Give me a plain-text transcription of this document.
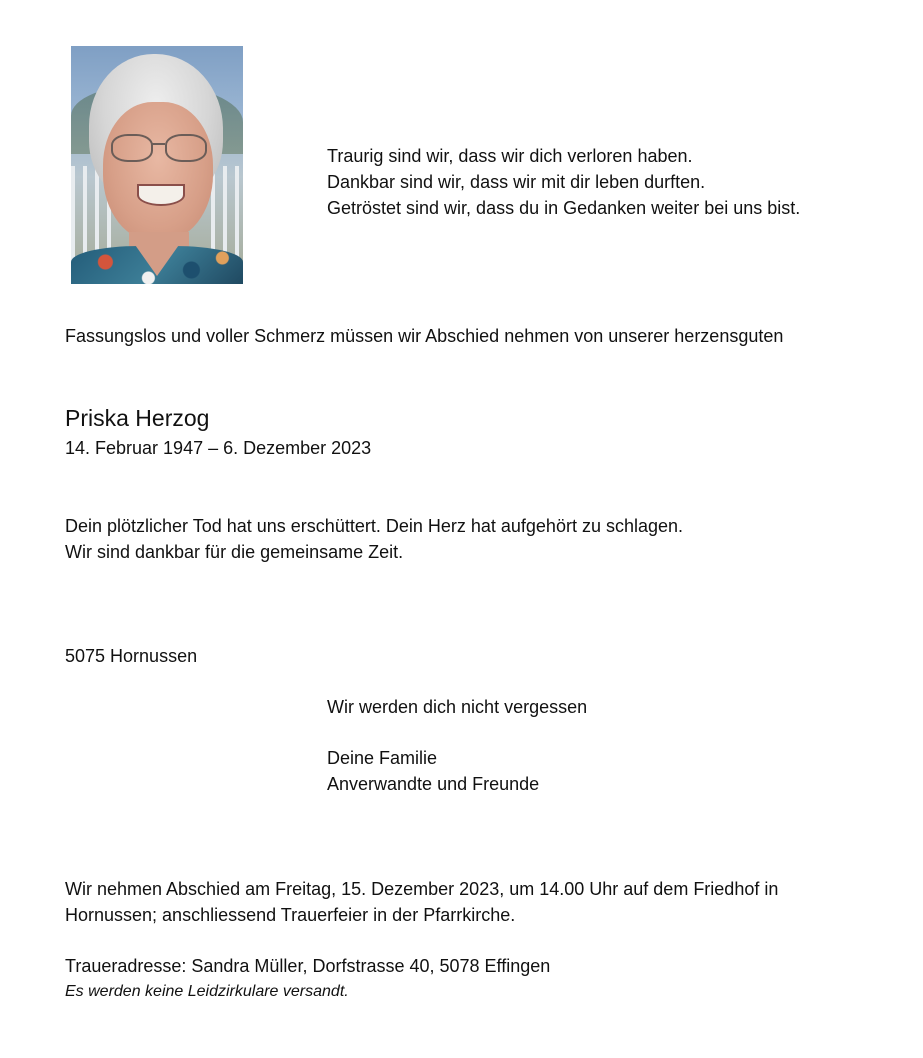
Traurig sind wir, dass wir dich verloren haben.
Dankbar sind wir, dass wir mit dir leben durften.
Getröstet sind wir, dass du in Gedanken weiter bei uns bist.
Fassungslos und voller Schmerz müssen wir Abschied nehmen von unserer herzensguten
Priska Herzog
14. Februar 1947 – 6. Dezember 2023
Dein plötzlicher Tod hat uns erschüttert. Dein Herz hat aufgehört zu schlagen.
Wir sind dankbar für die gemeinsame Zeit.
5075 Hornussen
Wir werden dich nicht vergessen
Deine Familie
Anverwandte und Freunde
Wir nehmen Abschied am Freitag, 15. Dezember 2023, um 14.00 Uhr auf dem Friedhof in
Hornussen; anschliessend Trauerfeier in der Pfarrkirche.
Traueradresse: Sandra Müller, Dorfstrasse 40, 5078 Effingen
Es werden keine Leidzirkulare versandt.
